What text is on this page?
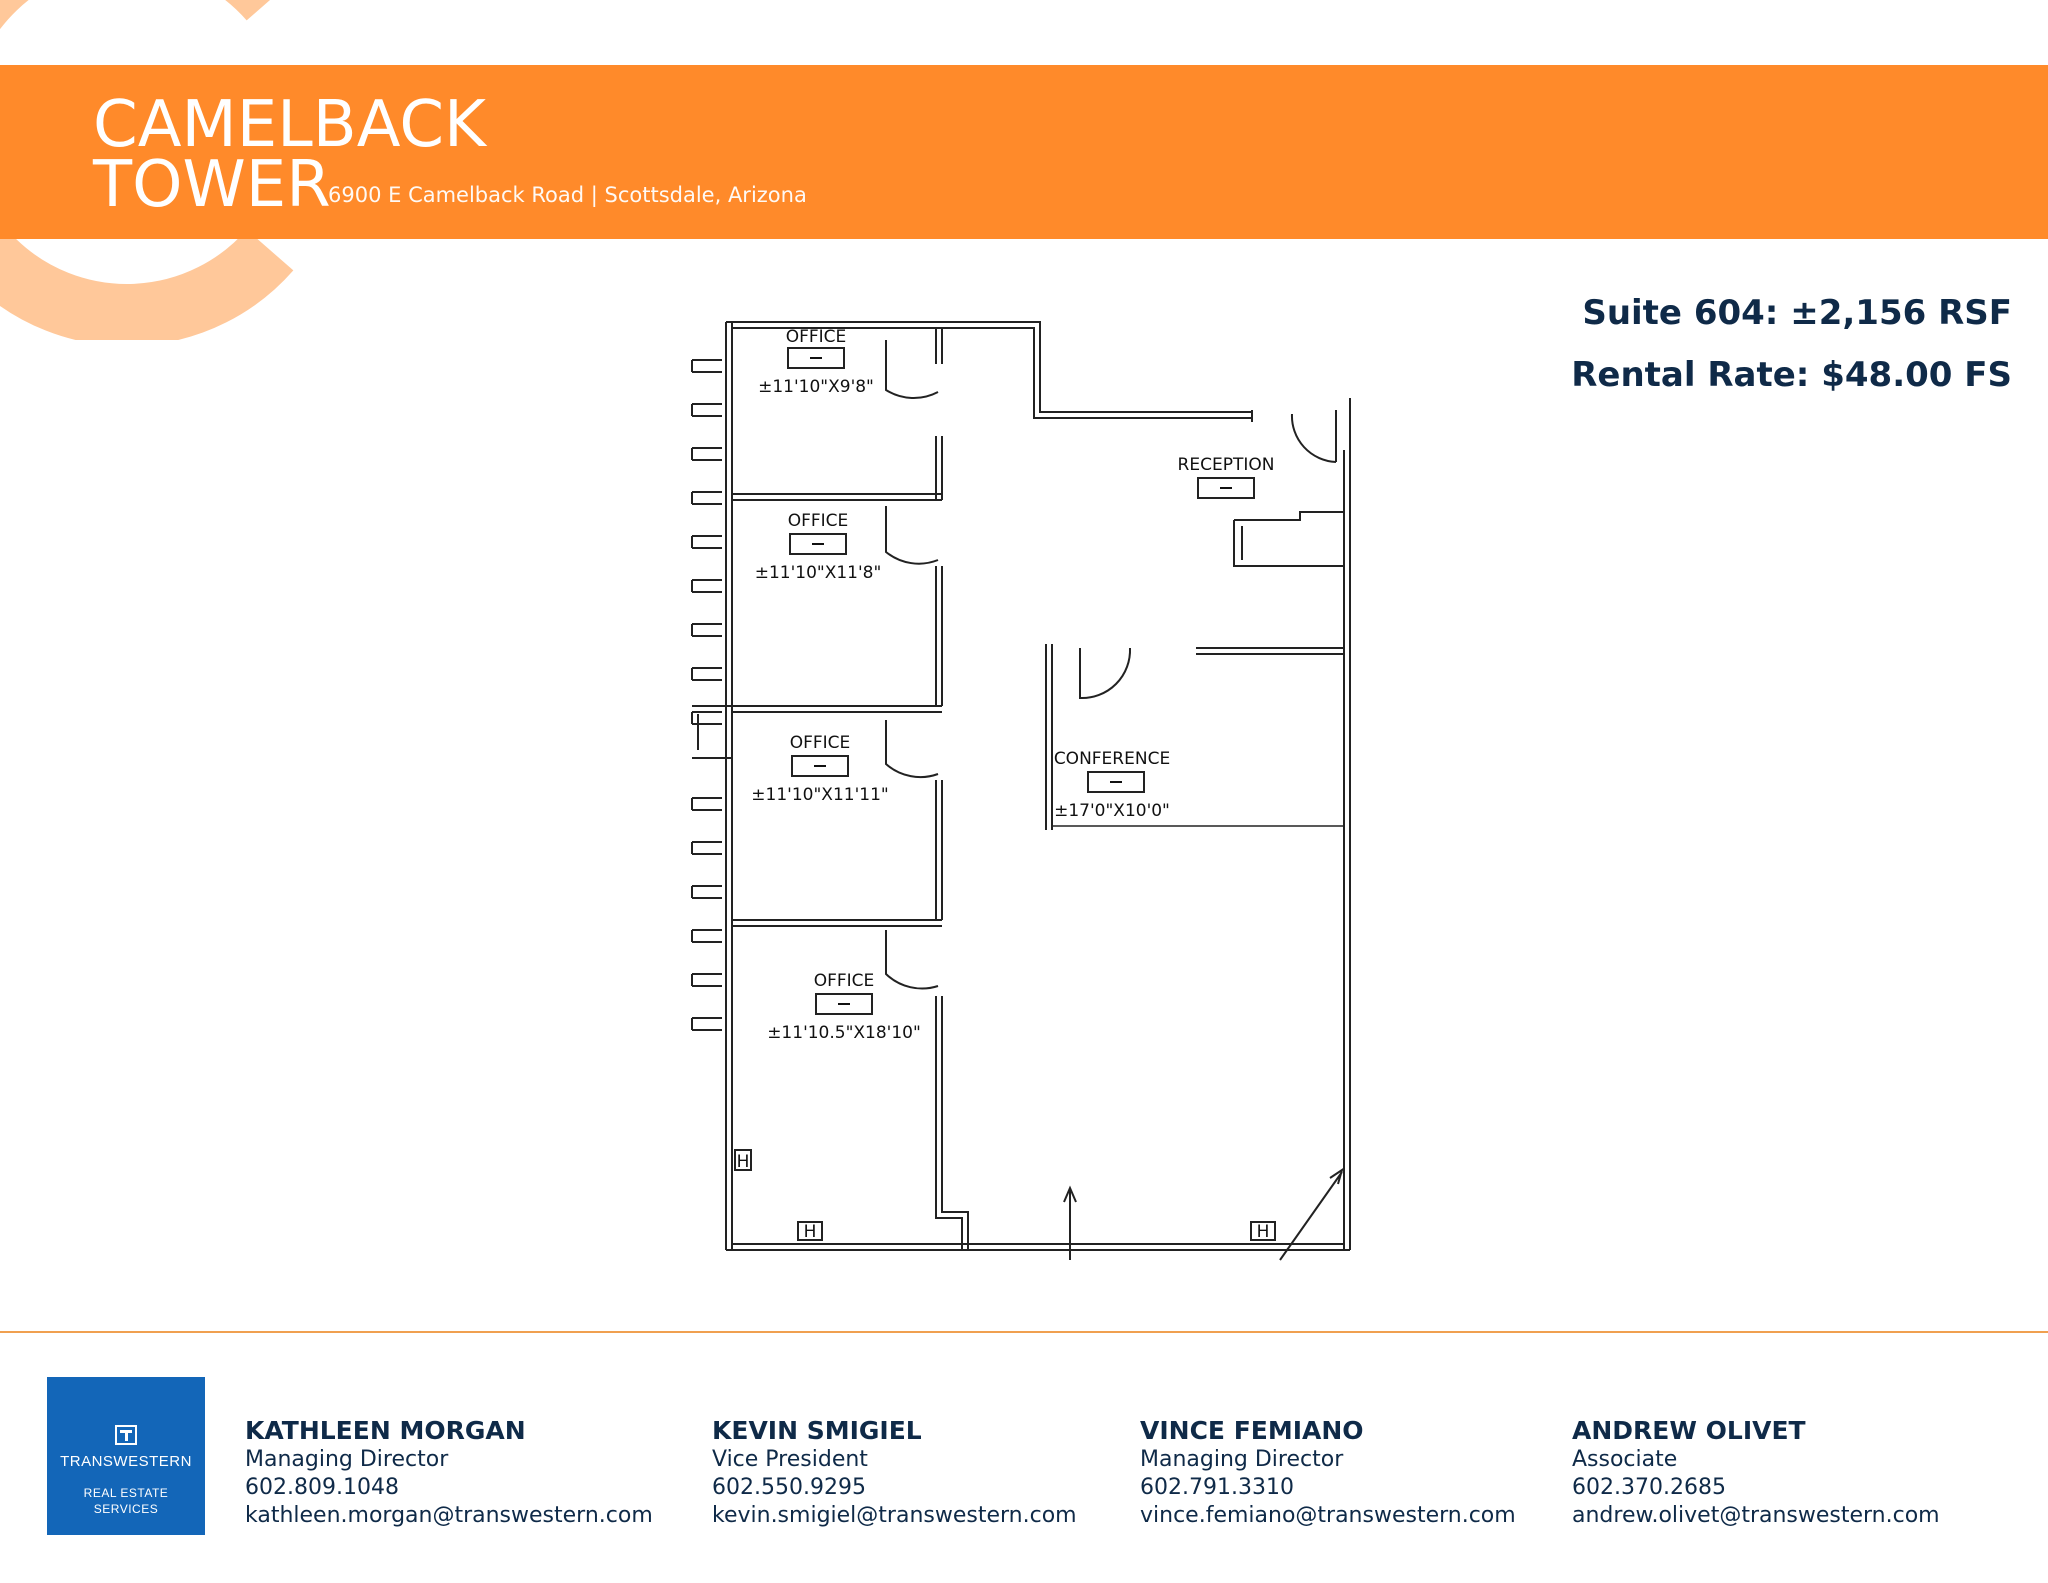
CAMELBACK
TOWER
6900 E Camelback Road | Scottsdale, Arizona
Suite 604: ±2,156 RSF
Rental Rate: $48.00 FS
OFFICE
±11'10"X9'8"
OFFICE
±11'10"X11'8"
OFFICE
±11'10"X11'11"
OFFICE
±11'10.5"X18'10"
RECEPTION
CONFERENCE
±17'0"X10'0"
H
H	H
TRANSWESTERN
REAL ESTATE
SERVICES
KATHLEEN MORGAN
Managing Director
602.809.1048
kathleen.morgan@transwestern.com
KEVIN SMIGIEL
Vice President
602.550.9295
kevin.smigiel@transwestern.com
VINCE FEMIANO
Managing Director
602.791.3310
vince.femiano@transwestern.com
ANDREW OLIVET
Associate
602.370.2685
andrew.olivet@transwestern.com
